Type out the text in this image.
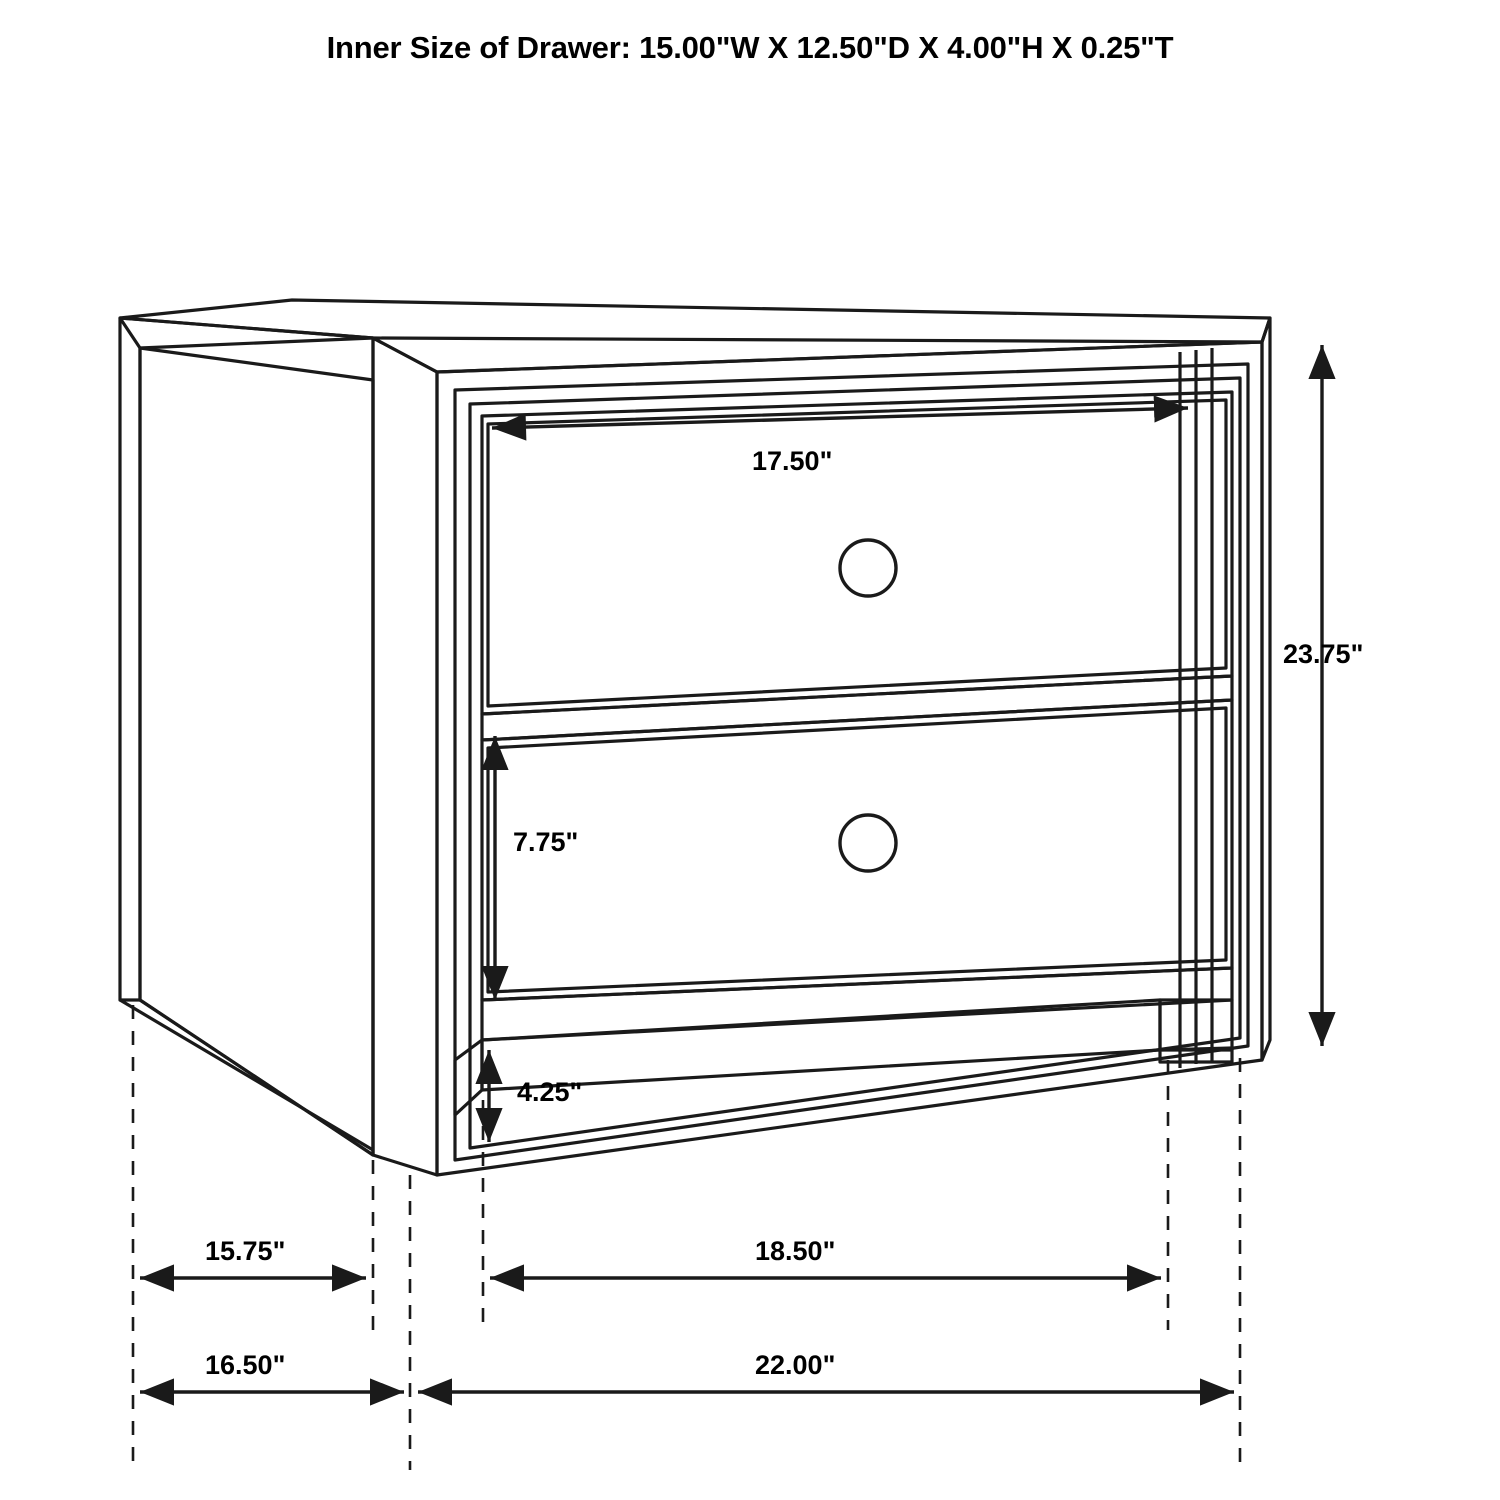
Inner Size of Drawer: 15.00"W X 12.50"D X 4.00"H X 0.25"T
17.50"
23.75"
7.75"
4.25"
15.75"	18.50"
16.50"	22.00"
